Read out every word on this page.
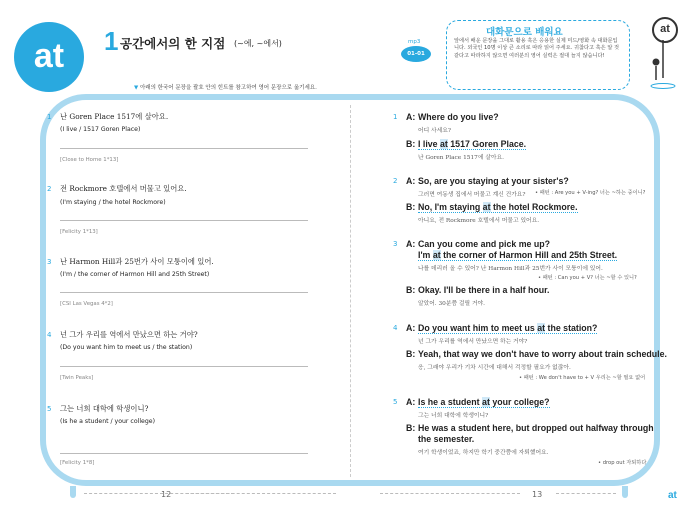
at	1 공간에서의 한 지점 (~에, ~에서)	mp3
01-01
대화문으로 배워요
앞에서 배운 문장을 그대로 활용 혹은 응용한 실제 미드/영화 속 대화문입니다. 외국인 10명 이상 큰 소리로 따라 읽어 주세요. 귀찮다고 혹은 알 것 같다고 따라하지 않으면 여러분의 영어 실력은 절대 늘지 않습니다!
at
▼ 아래의 한국어 문장을 괄호 안의 힌트를 참고하여 영어 문장으로 옮기세요.
12	13	at
1 난 Goren Place 1517에 살아요.
(I live / 1517 Goren Place)
[Close to Home 1*13]
2 전 Rockmore 호텔에서 머물고 있어요.
(I'm staying / the hotel Rockmore)
[Felicity 1*13]
3 난 Harmon Hill과 25번가 사이 모퉁이에 있어.
(I'm / the corner of Harmon Hill and 25th Street)
[CSI Las Vegas 4*2]
4 넌 그가 우리를 역에서 만났으면 하는 거야?
(Do you want him to meet us / the station)
[Twin Peaks]
5 그는 너희 대학에 학생이니?
(Is he a student / your college)
[Felicity 1*8]
1 A: Where do you live?
어디 사세요?
B: I live at 1517 Goren Place.
난 Goren Place 1517에 살아요.
2 A: So, are you staying at your sister's?
그러면 여동생 집에서 머물고 계신 건가요? • 패턴 : Are you + V-ing? 너는 ~하는 중이니?
B: No, I'm staying at the hotel Rockmore.
아니요, 전 Rockmore 호텔에서 머물고 있어요.
3 A: Can you come and pick me up?
I'm at the corner of Harmon Hill and 25th Street.
나를 데리러 올 수 있어? 난 Harmon Hill과 25번가 사이 모퉁이에 있어.
• 패턴 : Can you + V? 너는 ~할 수 있니?
B: Okay. I'll be there in a half hour.
알았어. 30분쯤 걸릴 거야.
4 A: Do you want him to meet us at the station?
넌 그가 우리를 역에서 만났으면 하는 거야?
B: Yeah, that way we don't have to worry about train schedule.
응, 그래야 우리가 기차 시간에 대해서 걱정할 필요가 없잖아.
• 패턴 : We don't have to + V 우리는 ~할 필요 없어
5 A: Is he a student at your college?
그는 너희 대학에 학생이니?
B: He was a student here, but dropped out halfway through
the semester.
여기 학생이었죠, 하지만 학기 중간쯤에 자퇴했어요.
• drop out 자퇴하다
